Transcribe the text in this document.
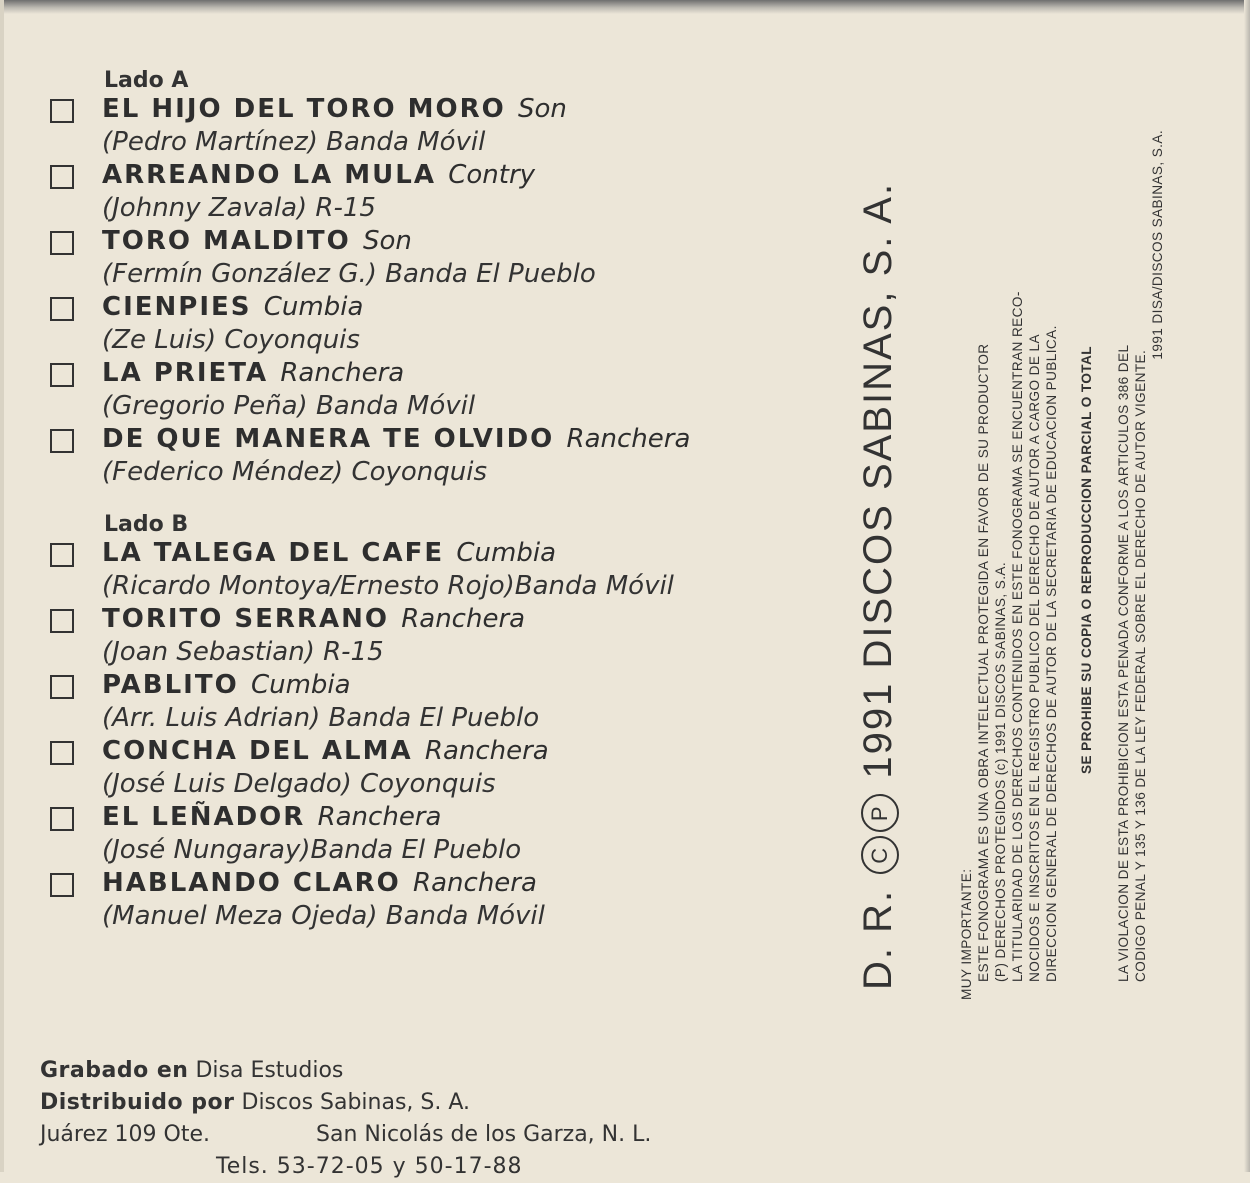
Lado A
EL HIJO DEL TORO MORO Son
(Pedro Martínez) Banda Móvil
ARREANDO LA MULA Contry
(Johnny Zavala) R-15
TORO MALDITO Son
(Fermín González G.) Banda El Pueblo
CIENPIES Cumbia
(Ze Luis) Coyonquis
LA PRIETA Ranchera
(Gregorio Peña) Banda Móvil
DE QUE MANERA TE OLVIDO Ranchera
(Federico Méndez) Coyonquis
Lado B
LA TALEGA DEL CAFE Cumbia
(Ricardo Montoya/Ernesto Rojo)Banda Móvil
TORITO SERRANO Ranchera
(Joan Sebastian) R-15
PABLITO Cumbia
(Arr. Luis Adrian) Banda El Pueblo
CONCHA DEL ALMA Ranchera
(José Luis Delgado) Coyonquis
EL LEÑADOR Ranchera
(José Nungaray)Banda El Pueblo
HABLANDO CLARO Ranchera
(Manuel Meza Ojeda) Banda Móvil
Grabado en Disa Estudios
Distribuido por Discos Sabinas, S. A.
Juárez 109 Ote.	San Nicolás de los Garza, N. L.
Tels. 53-72-05 y 50-17-88
D. R. CP 1991 DISCOS SABINAS, S. A.

MUY IMPORTANTE: ESTE FONOGRAMA ES UNA OBRA INTELECTUAL PROTEGIDA EN FAVOR DE SU PRODUCTOR (P) DERECHOS PROTEGIDOS (c) 1991 DISCOS SABINAS, S.A. LA TITULARIDAD DE LOS DERECHOS CONTENIDOS EN ESTE FONOGRAMA SE ENCUENTRAN RECO- NOCIDOS E INSCRITOS EN EL REGISTRO PUBLICO DEL DERECHO DE AUTOR A CARGO DE LA DIRECCION GENERAL DE DERECHOS DE AUTOR DE LA SECRETARIA DE EDUCACION PUBLICA. SE PROHIBE SU COPIA O REPRODUCCION PARCIAL O TOTAL LA VIOLACION DE ESTA PROHIBICION ESTA PENADA CONFORME A LOS ARTICULOS 386 DEL CODIGO PENAL Y 135 Y 136 DE LA LEY FEDERAL SOBRE EL DERECHO DE AUTOR VIGENTE.

1991 DISA/DISCOS SABINAS, S.A.
